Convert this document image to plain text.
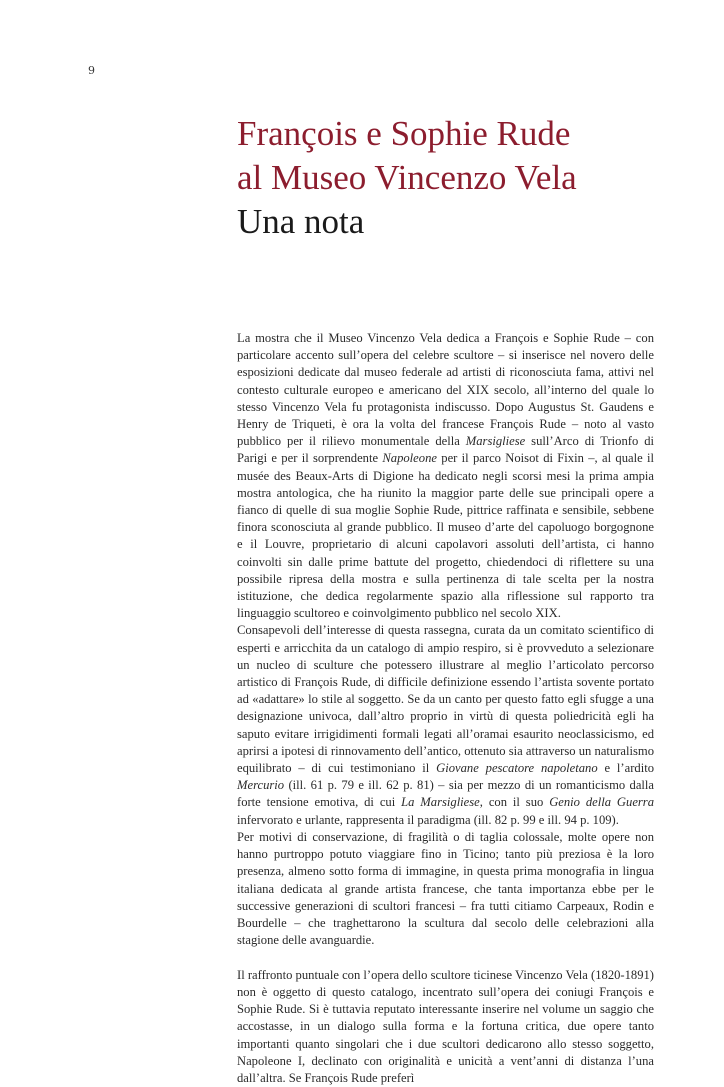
9
François e Sophie Rude
al Museo Vincenzo Vela
Una nota

La mostra che il Museo Vincenzo Vela dedica a François e Sophie Rude – con particolare accento sull’opera del celebre scultore – si inserisce nel novero delle esposizioni dedicate dal museo federale ad artisti di riconosciuta fama, attivi nel contesto culturale europeo e americano del XIX secolo, all’interno del quale lo stesso Vincenzo Vela fu protagonista indiscusso. Dopo Augustus St. Gaudens e Henry de Triqueti, è ora la volta del francese François Rude – noto al vasto pubblico per il rilievo monumentale della Marsigliese sull’Arco di Trionfo di Parigi e per il sorprendente Napoleone per il parco Noisot di Fixin –, al quale il musée des Beaux-Arts di Digione ha dedicato negli scorsi mesi la prima ampia mostra antologica, che ha riunito la maggior parte delle sue principali opere a fianco di quelle di sua moglie Sophie Rude, pittrice raffinata e sensibile, sebbene finora sconosciuta al grande pubblico. Il museo d’arte del capoluogo borgognone e il Louvre, proprietario di alcuni capolavori assoluti dell’artista, ci hanno coinvolti sin dalle prime battute del progetto, chiedendoci di riflettere su una possibile ripresa della mostra e sulla pertinenza di tale scelta per la nostra istituzione, che dedica regolarmente spazio alla riflessione sul rapporto tra linguaggio scultoreo e coinvolgimento pubblico nel secolo XIX.

Consapevoli dell’interesse di questa rassegna, curata da un comitato scientifico di esperti e arricchita da un catalogo di ampio respiro, si è provveduto a selezionare un nucleo di sculture che potessero illustrare al meglio l’articolato percorso artistico di François Rude, di difficile definizione essendo l’artista sovente portato ad «adattare» lo stile al soggetto. Se da un canto per questo fatto egli sfugge a una designazione univoca, dall’altro proprio in virtù di questa poliedricità egli ha saputo evitare irrigidimenti formali legati all’oramai esaurito neoclassicismo, ed aprirsi a ipotesi di rinnovamento dell’antico, ottenuto sia attraverso un naturalismo equilibrato – di cui testimoniano il Giovane pescatore napoletano e l’ardito Mercurio (ill. 61 p. 79 e ill. 62 p. 81) – sia per mezzo di un romanticismo dalla forte tensione emotiva, di cui La Marsigliese, con il suo Genio della Guerra infervorato e urlante, rappresenta il paradigma (ill. 82 p. 99 e ill. 94 p. 109).

Per motivi di conservazione, di fragilità o di taglia colossale, molte opere non hanno purtroppo potuto viaggiare fino in Ticino; tanto più preziosa è la loro presenza, almeno sotto forma di immagine, in questa prima monografia in lingua italiana dedicata al grande artista francese, che tanta importanza ebbe per le successive generazioni di scultori francesi – fra tutti citiamo Carpeaux, Rodin e Bourdelle – che traghettarono la scultura dal secolo delle celebrazioni alla stagione delle avanguardie.

Il raffronto puntuale con l’opera dello scultore ticinese Vincenzo Vela (1820-1891) non è oggetto di questo catalogo, incentrato sull’opera dei coniugi François e Sophie Rude. Si è tuttavia reputato interessante inserire nel volume un saggio che accostasse, in un dialogo sulla forma e la fortuna critica, due opere tanto importanti quanto singolari che i due scultori dedicarono allo stesso soggetto, Napoleone I, declinato con originalità e unicità a vent’anni di distanza l’una dall’altra. Se François Rude preferì
